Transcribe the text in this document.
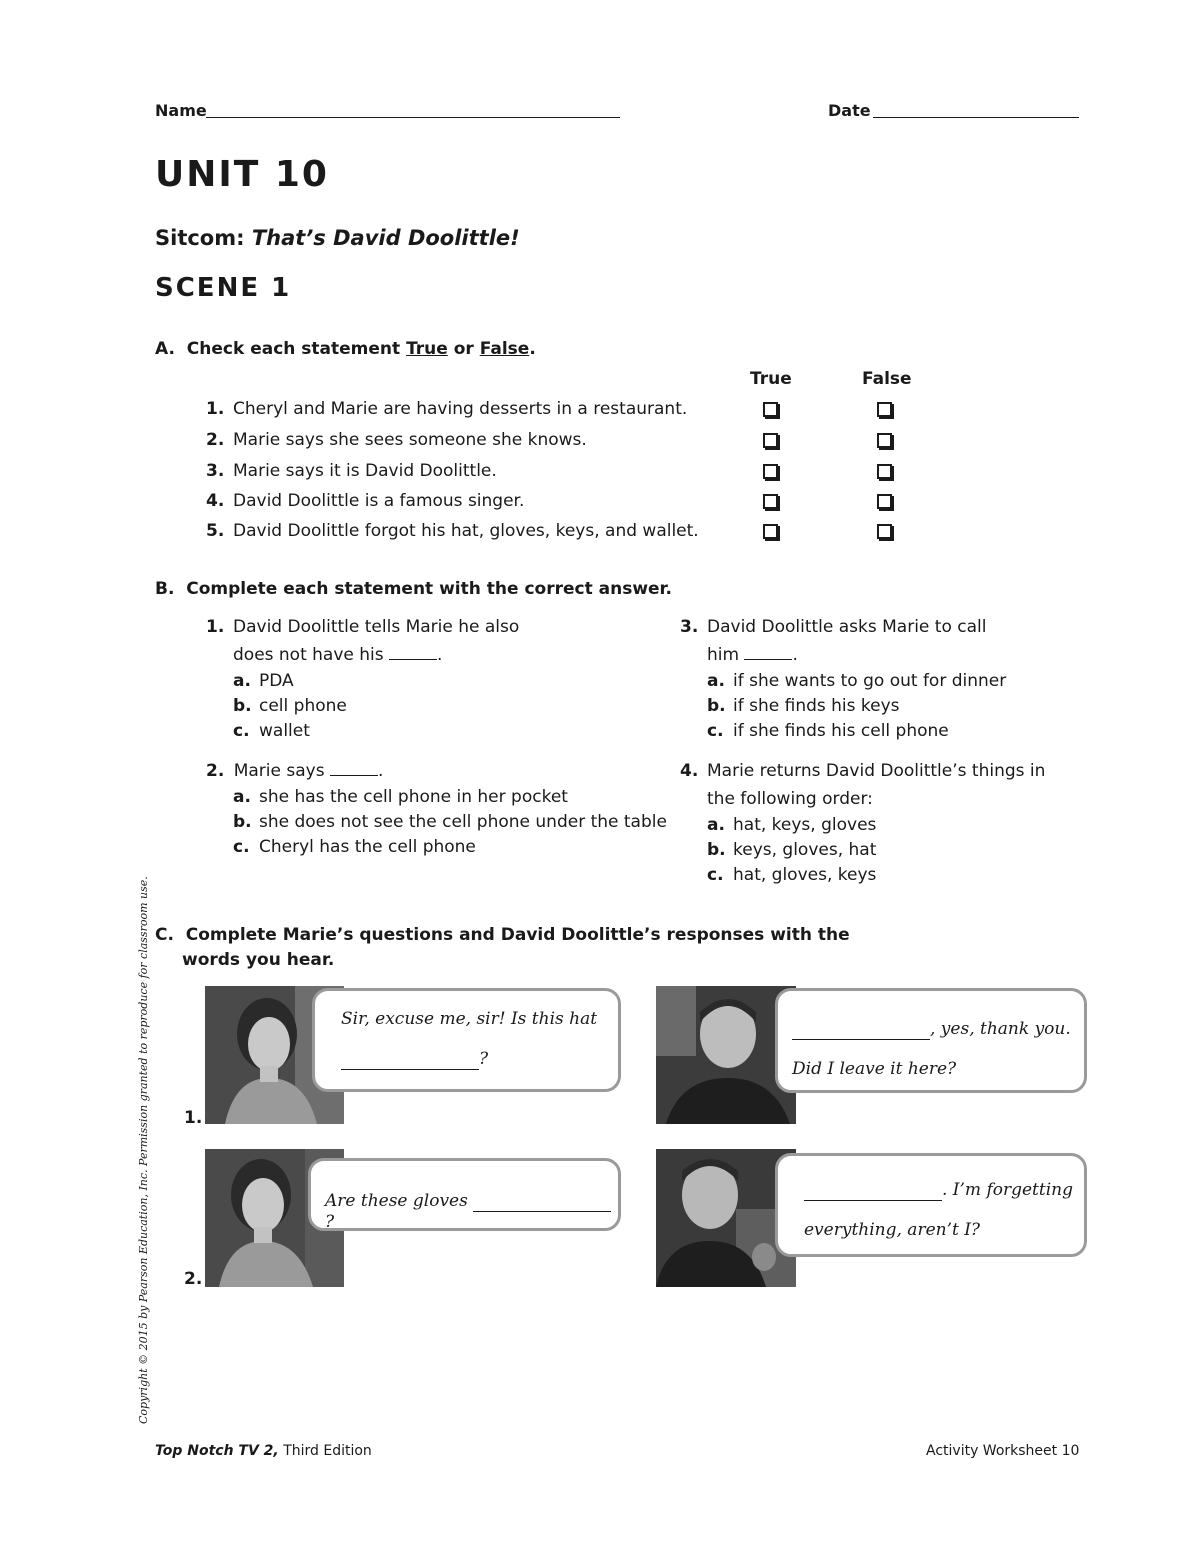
Name	Date
UNIT 10
Sitcom: That’s David Doolittle!
SCENE 1
A. Check each statement True or False.
True	False
1. Cheryl and Marie are having desserts in a restaurant.
2. Marie says she sees someone she knows.
3. Marie says it is David Doolittle.
4. David Doolittle is a famous singer.
5. David Doolittle forgot his hat, gloves, keys, and wallet.
B. Complete each statement with the correct answer.
1. David Doolittle tells Marie he also
does not have his	.
a. PDA
b. cell phone
c. wallet
2. Marie says	.
a. she has the cell phone in her pocket
b. she does not see the cell phone under the table
c. Cheryl has the cell phone
3. David Doolittle asks Marie to call
him	.
a. if she wants to go out for dinner
b. if she finds his keys
c. if she finds his cell phone
4. Marie returns David Doolittle’s things in
the following order:
a. hat, keys, gloves
b. keys, gloves, hat
c. hat, gloves, keys
C. Complete Marie’s questions and David Doolittle’s responses with the
words you hear.
1.
Sir, excuse me, sir! Is this hat
?
, yes, thank you.
Did I leave it here?
2.
Are these gloves  ?
. I’m forgetting
everything, aren’t I?
Copyright © 2015 by Pearson Education, Inc. Permission granted to reproduce for classroom use.
Top Notch TV 2, Third Edition	Activity Worksheet 10
